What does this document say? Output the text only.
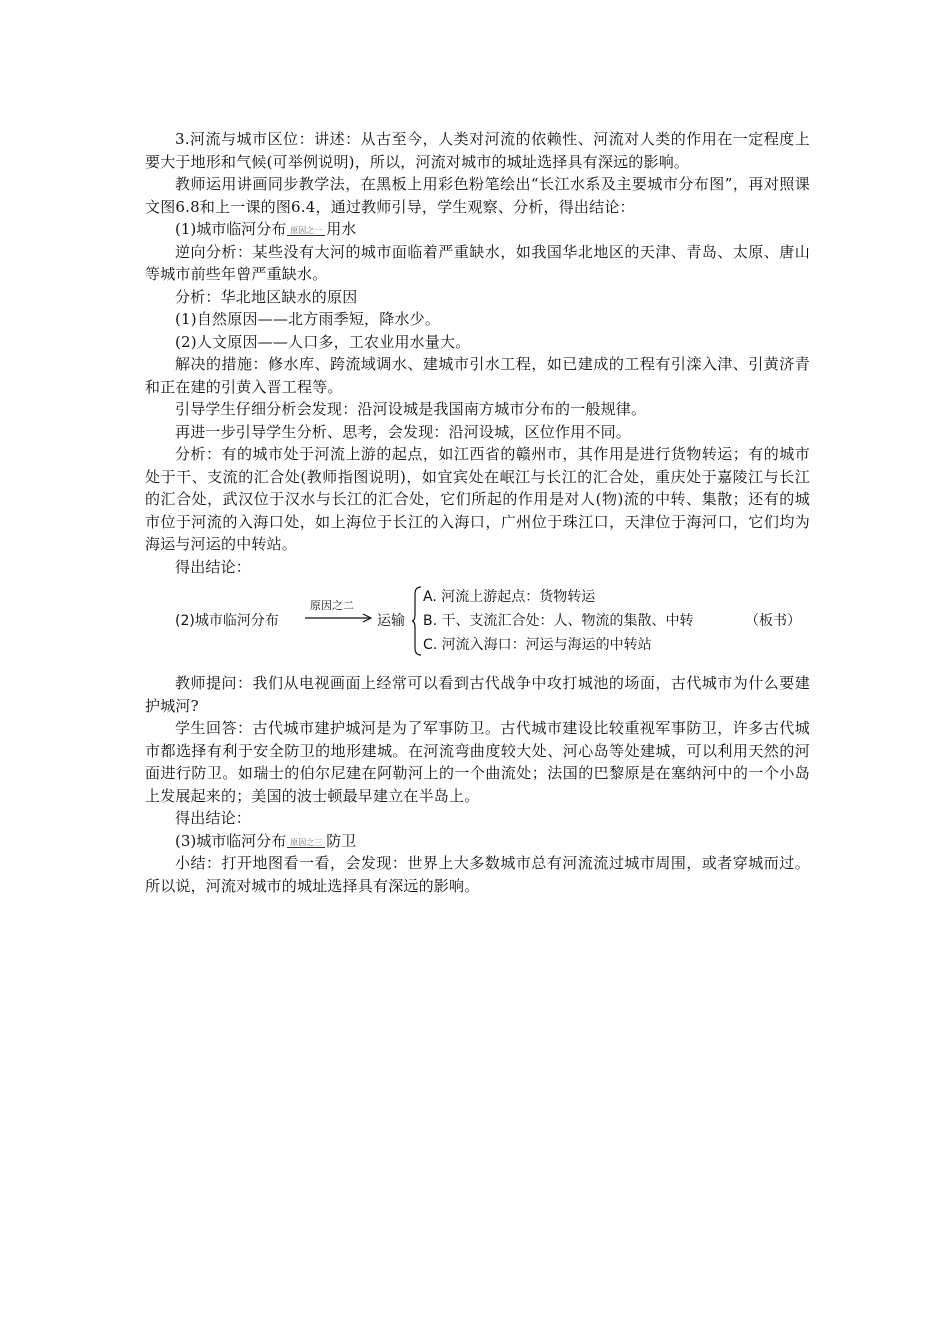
3.河流与城市区位：讲述：从古至今，人类对河流的依赖性、河流对人类的作用在一定程度上要大于地形和气候(可举例说明)，所以，河流对城市的城址选择具有深远的影响。

教师运用讲画同步教学法，在黑板上用彩色粉笔绘出“长江水系及主要城市分布图”，再对照课文图6.8和上一课的图6.4，通过教师引导，学生观察、分析，得出结论：

(1)城市临河分布 原因之一 用水

逆向分析：某些没有大河的城市面临着严重缺水，如我国华北地区的天津、青岛、太原、唐山等城市前些年曾严重缺水。

分析：华北地区缺水的原因

(1)自然原因——北方雨季短，降水少。

(2)人文原因——人口多，工农业用水量大。

解决的措施：修水库、跨流域调水、建城市引水工程，如已建成的工程有引滦入津、引黄济青和正在建的引黄入晋工程等。

引导学生仔细分析会发现：沿河设城是我国南方城市分布的一般规律。

再进一步引导学生分析、思考，会发现：沿河设城，区位作用不同。

分析：有的城市处于河流上游的起点，如江西省的赣州市，其作用是进行货物转运；有的城市处于干、支流的汇合处(教师指图说明)，如宜宾处在岷江与长江的汇合处，重庆处于嘉陵江与长江的汇合处，武汉位于汉水与长江的汇合处，它们所起的作用是对人(物)流的中转、集散；还有的城市位于河流的入海口处，如上海位于长江的入海口，广州位于珠江口，天津位于海河口，它们均为海运与河运的中转站。

得出结论：

(2)城市临河分布
原因之二
运输
A. 河流上游起点：货物转运
B. 干、支流汇合处：人、物流的集散、中转
C. 河流入海口：河运与海运的中转站
（板书）

教师提问：我们从电视画面上经常可以看到古代战争中攻打城池的场面，古代城市为什么要建护城河?

学生回答：古代城市建护城河是为了军事防卫。古代城市建设比较重视军事防卫，许多古代城市都选择有利于安全防卫的地形建城。在河流弯曲度较大处、河心岛等处建城，可以利用天然的河面进行防卫。如瑞士的伯尔尼建在阿勒河上的一个曲流处；法国的巴黎原是在塞纳河中的一个小岛上发展起来的；美国的波士顿最早建立在半岛上。

得出结论：

(3)城市临河分布 原因之三 防卫

小结：打开地图看一看，会发现：世界上大多数城市总有河流流过城市周围，或者穿城而过。所以说，河流对城市的城址选择具有深远的影响。
